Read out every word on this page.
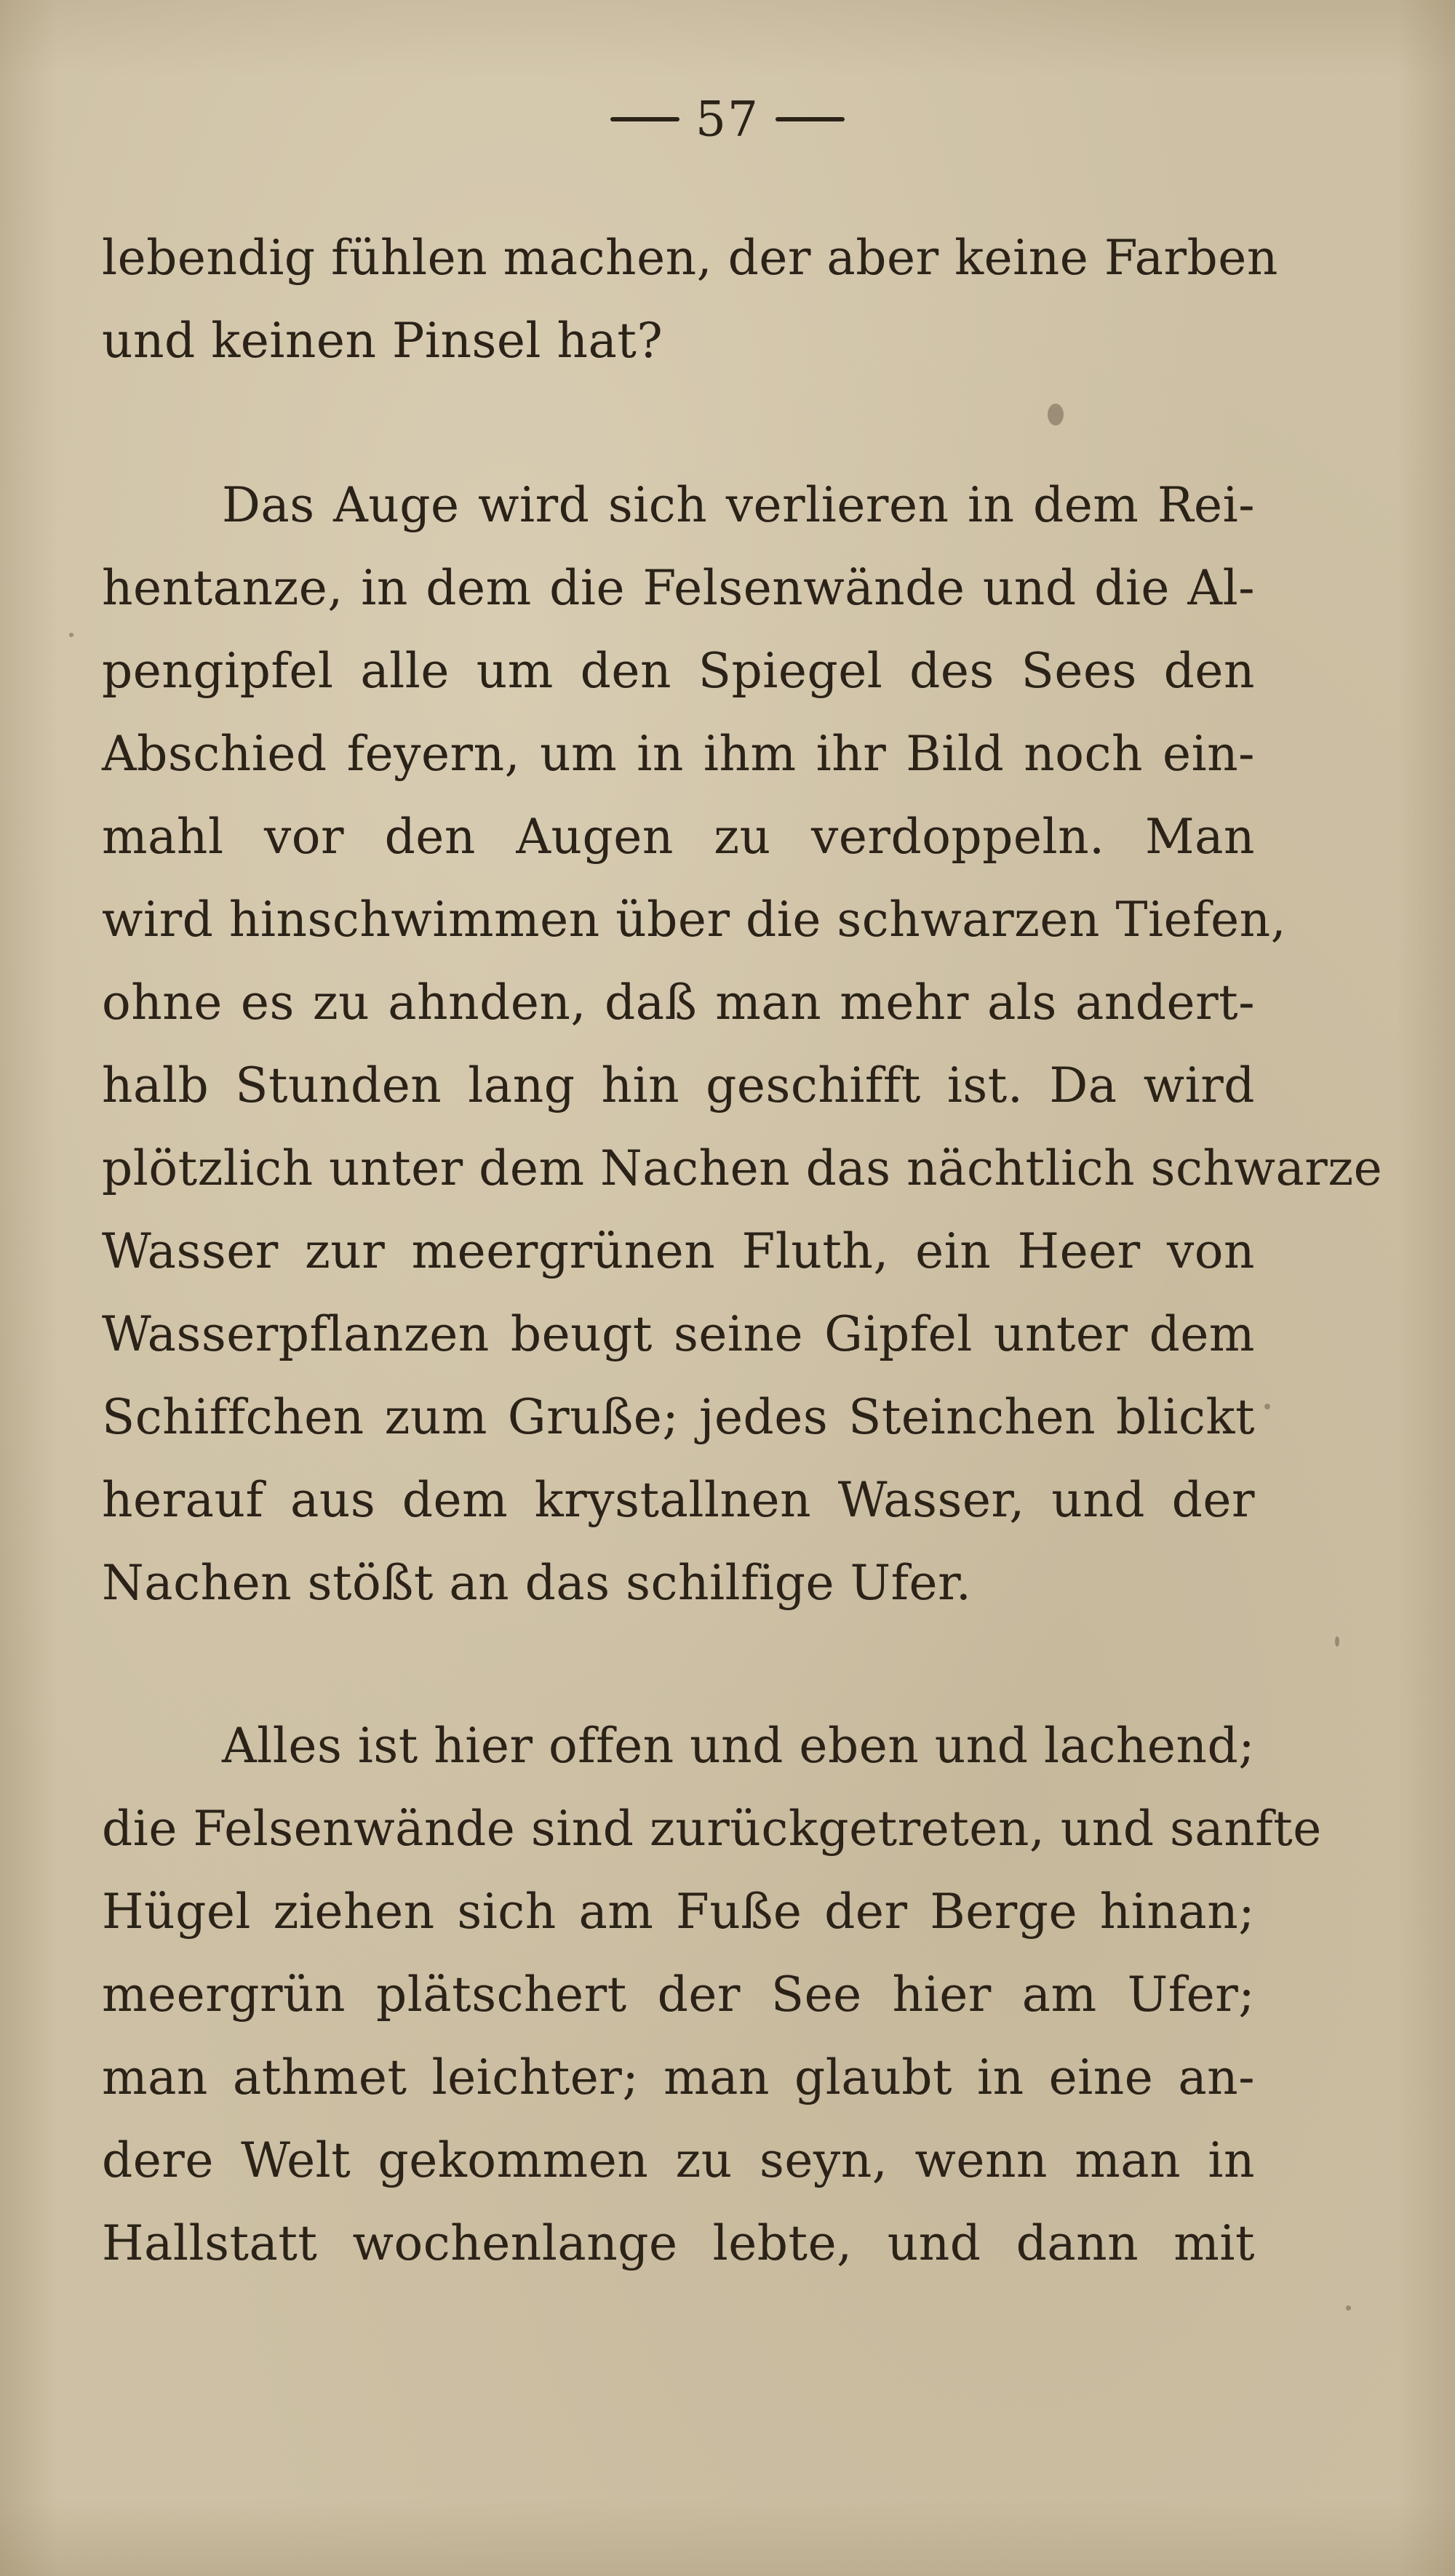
57
lebendig fühlen machen, der aber keine Farben
und keinen Pinsel hat?
Das Auge wird sich verlieren in dem Rei-
hentanze, in dem die Felsenwände und die Al-
pengipfel alle um den Spiegel des Sees den
Abschied feyern, um in ihm ihr Bild noch ein-
mahl vor den Augen zu verdoppeln. Man
wird hinschwimmen über die schwarzen Tiefen,
ohne es zu ahnden, daß man mehr als andert-
halb Stunden lang hin geschifft ist. Da wird
plötzlich unter dem Nachen das nächtlich schwarze
Wasser zur meergrünen Fluth, ein Heer von
Wasserpflanzen beugt seine Gipfel unter dem
Schiffchen zum Gruße; jedes Steinchen blickt
herauf aus dem krystallnen Wasser, und der
Nachen stößt an das schilfige Ufer.
Alles ist hier offen und eben und lachend;
die Felsenwände sind zurückgetreten, und sanfte
Hügel ziehen sich am Fuße der Berge hinan;
meergrün plätschert der See hier am Ufer;
man athmet leichter; man glaubt in eine an-
dere Welt gekommen zu seyn, wenn man in
Hallstatt wochenlange lebte, und dann mit
